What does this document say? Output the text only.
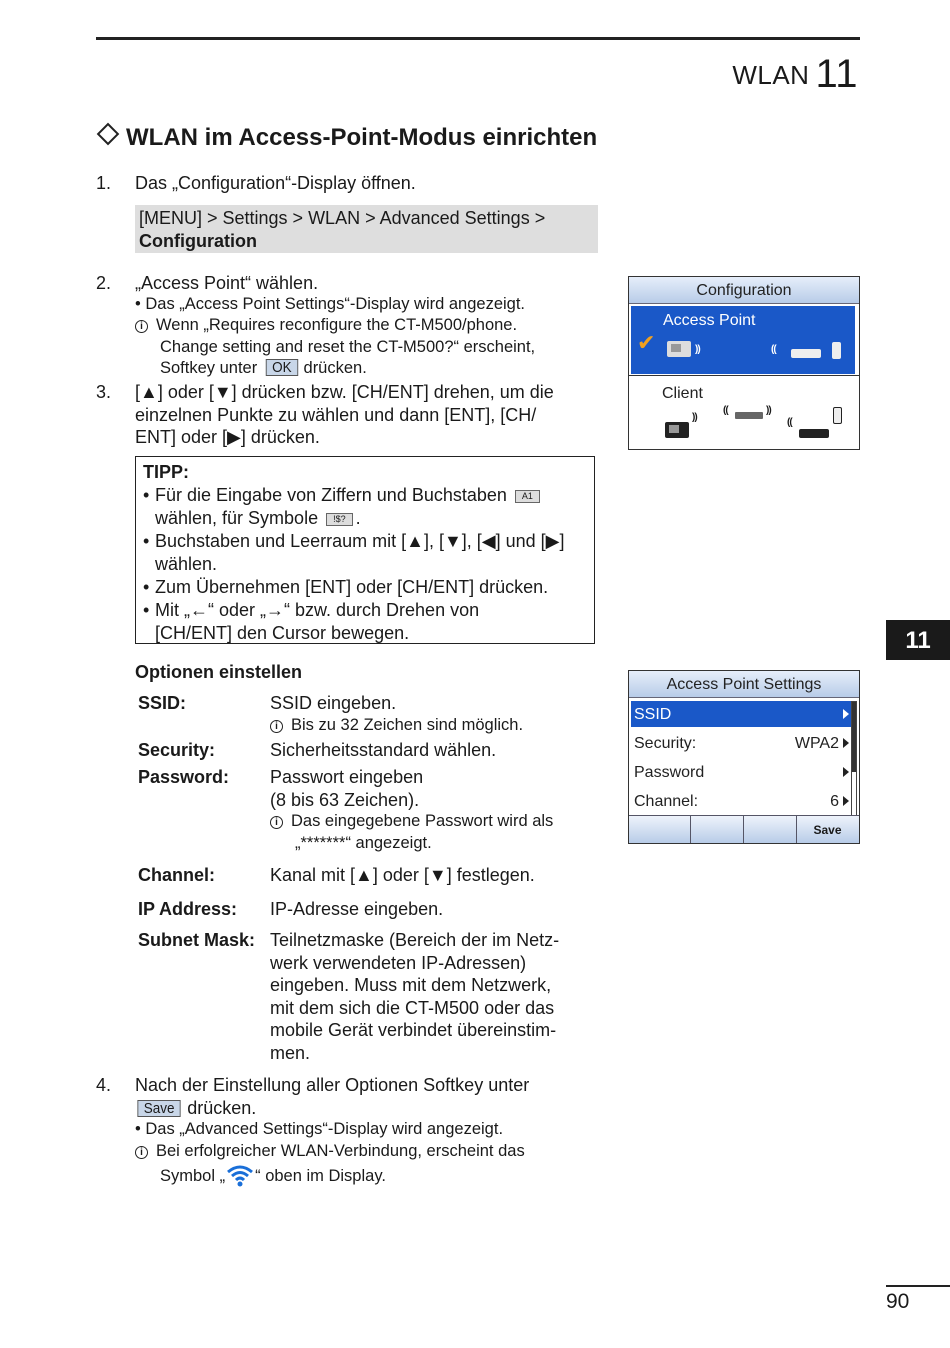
WLAN 11
WLAN im Access-Point-Modus einrichten
1. Das „Configuration“-Display öffnen.
[MENU] > Settings > WLAN > Advanced Settings >
Configuration
2. „Access Point“ wählen.
• Das „Access Point Settings“-Display wird angezeigt.
i Wenn „Requires reconfigure the CT-M500/phone.
Change setting and reset the CT-M500?“ erscheint,
Softkey unter OK drücken.
3. [▲] oder [▼] drücken bzw. [CH/ENT] drehen, um die
einzelnen Punkte zu wählen und dann [ENT], [CH/
ENT] oder [▶] drücken.
TIPP:
• Für die Eingabe von Ziffern und Buchstaben A1
wählen, für Symbole !$? .
• Buchstaben und Leerraum mit [▲], [▼], [◀] und [▶]
wählen.
• Zum Übernehmen [ENT] oder [CH/ENT] drücken.
• Mit „←“ oder „→“ bzw. durch Drehen von
[CH/ENT] den Cursor bewegen.
Optionen einstellen
SSID:	SSID eingeben.
i Bis zu 32 Zeichen sind möglich.
Security:	Sicherheitsstandard wählen.
Password: Passwort eingeben
(8 bis 63 Zeichen).
i Das eingegebene Passwort wird als
„*******“ angezeigt.
Channel:	Kanal mit [▲] oder [▼] festlegen.
IP Address: IP-Adresse eingeben.
Subnet Mask: Teilnetzmaske (Bereich der im Netz-
werk verwendeten IP-Adressen)
eingeben. Muss mit dem Netzwerk,
mit dem sich die CT-M500 oder das
mobile Gerät verbindet übereinstim-
men.
4. Nach der Einstellung aller Optionen Softkey unter
Save drücken.
• Das „Advanced Settings“-Display wird angezeigt.
i Bei erfolgreicher WLAN-Verbindung, erscheint das
Symbol „ “ oben im Display.
Configuration
✔
Access Point
))	((
Client
))
((	))
((
Access Point Settings
SSID
Security:	WPA2
Password
Channel:	6
Save
11
90
